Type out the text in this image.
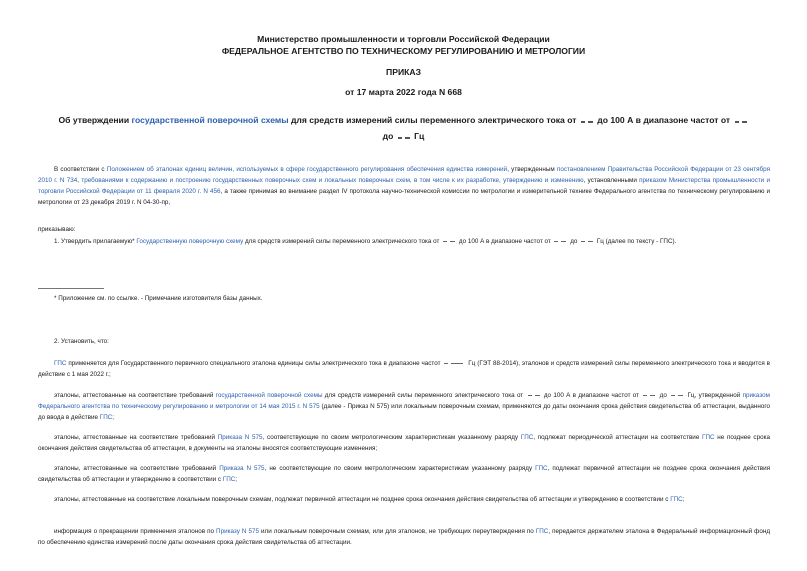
Министерство промышленности и торговли Российской Федерации
ФЕДЕРАЛЬНОЕ АГЕНТСТВО ПО ТЕХНИЧЕСКОМУ РЕГУЛИРОВАНИЮ И МЕТРОЛОГИИ
ПРИКАЗ
от 17 марта 2022 года N 668
Об утверждении государственной поверочной схемы для средств измерений силы переменного электрического тока от  до 100 А в диапазоне частот от
до  Гц
В соответствии с Положением об эталонах единиц величин, используемых в сфере государственного регулирования обеспечения единства измерений, утвержденным постановлением Правительства Российской Федерации от 23 сентября 2010 г. N 734, требованиями к содержанию и построению государственных поверочных схем и локальных поверочных схем, в том числе к их разработке, утверждению и изменению, установленными приказом Министерства промышленности и торговли Российской Федерации от 11 февраля 2020 г. N 456, а также принимая во внимание раздел IV протокола научно-технической комиссии по метрологии и измерительной технике Федерального агентства по техническому регулированию и метрологии от 23 декабря 2019 г. N 04-30-пр,
приказываю:
1. Утвердить прилагаемую* Государственную поверочную схему для средств измерений силы переменного электрического тока от	до 100 А в диапазоне частот от	до	Гц (далее по тексту - ГПС).
* Приложение см. по ссылке. - Примечание изготовителя базы данных.
2. Установить, что:
ГПС применяется для Государственного первичного специального эталона единицы силы электрического тока в диапазоне частот	Гц (ГЭТ 88-2014), эталонов и средств измерений силы переменного электрического тока и вводится в действие с 1 мая 2022 г.;
эталоны, аттестованные на соответствие требований государственной поверочной схемы для средств измерений силы переменного электрического тока от	до 100 А в диапазоне частот от	до	Гц, утвержденной приказом Федерального агентства по техническому регулированию и метрологии от 14 мая 2015 г. N 575 (далее - Приказ N 575) или локальным поверочным схемам, применяются до даты окончания срока действия свидетельства об аттестации, выданного до ввода в действие ГПС;
эталоны, аттестованные на соответствие требований Приказа N 575, соответствующие по своим метрологическим характеристикам указанному разряду ГПС, подлежат периодической аттестации на соответствие ГПС не позднее срока окончания действия свидетельства об аттестации, в документы на эталоны вносятся соответствующие изменения;
эталоны, аттестованные на соответствие требований Приказа N 575, не соответствующие по своим метрологическим характеристикам указанному разряду ГПС, подлежат первичной аттестации не позднее срока окончания действия свидетельства об аттестации и утверждению в соответствии с ГПС;
эталоны, аттестованные на соответствие локальным поверочным схемам, подлежат первичной аттестации не позднее срока окончания действия свидетельства об аттестации и утверждению в соответствии с ГПС;
информация о прекращении применения эталонов по Приказу N 575 или локальным поверочным схемам, или для эталонов, не требующих переутверждения по ГПС, передается держателем эталона в Федеральный информационный фонд по обеспечению единства измерений после даты окончания срока действия свидетельства об аттестации.
